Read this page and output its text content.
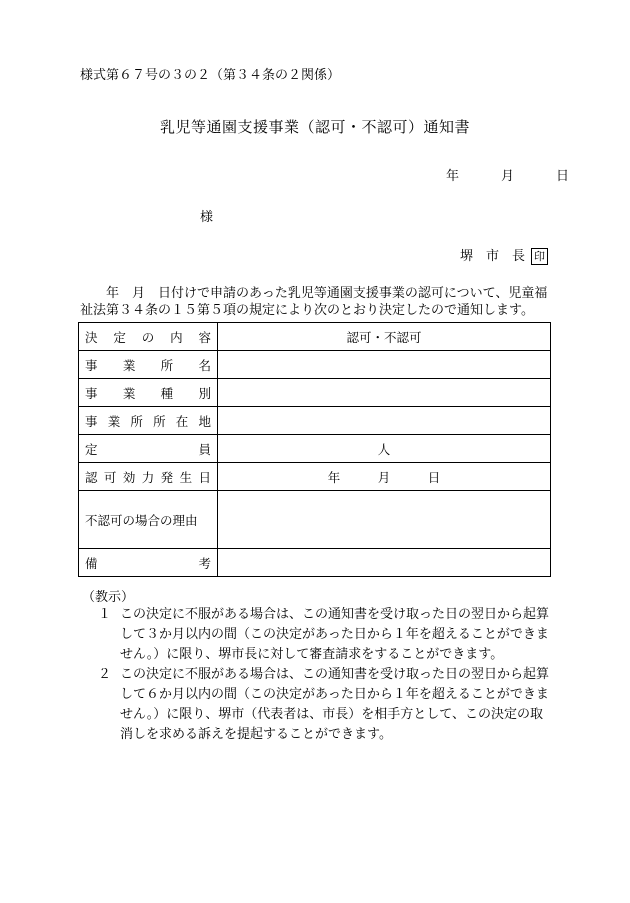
様式第６７号の３の２（第３４条の２関係）
乳児等通園支援事業（認可・不認可）通知書
年	月	日
様
堺　市　長 印
年　月　日付けで申請のあった乳児等通園支援事業の認可について、児童福祉法第３４条の１５第５項の規定により次のとおり決定したので通知します。
決定の内容	認可・不認可
事業所名	
事業種別	
事業所所在地	
定員	人
認可効力発生日	年　　　月　　　日
不認可の場合の理由	
備考	
（教示）
１ この決定に不服がある場合は、この通知書を受け取った日の翌日から起算
して３か月以内の間（この決定があった日から１年を超えることができません。）に限り、堺市長に対して審査請求をすることができます。
２ この決定に不服がある場合は、この通知書を受け取った日の翌日から起算
して６か月以内の間（この決定があった日から１年を超えることができません。）に限り、堺市（代表者は、市長）を相手方として、この決定の取消しを求める訴えを提起することができます。
